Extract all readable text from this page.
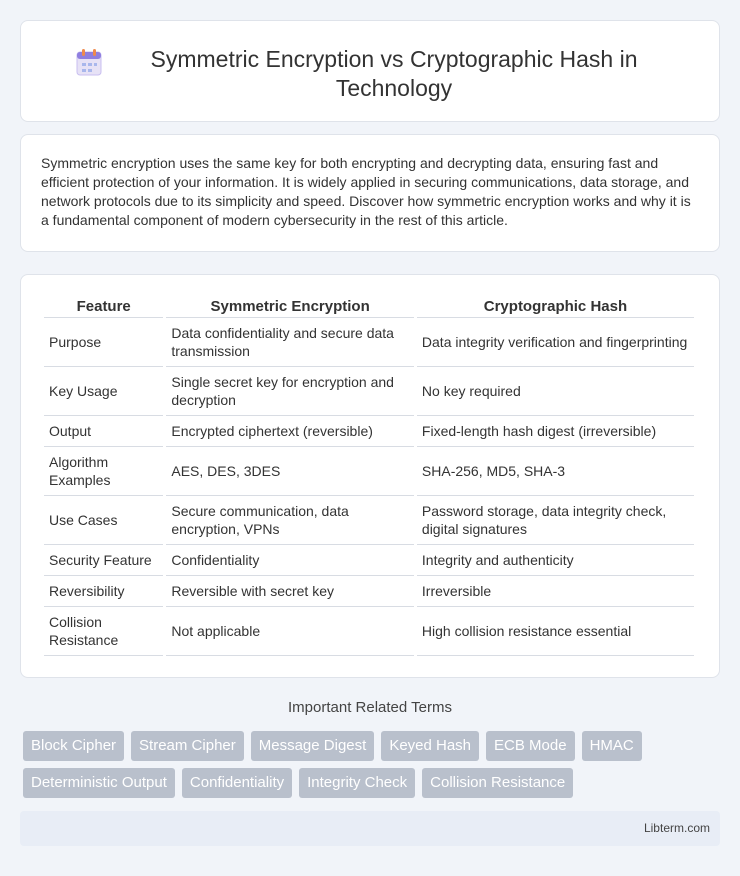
Symmetric Encryption vs Cryptographic Hash in Technology

Symmetric encryption uses the same key for both encrypting and decrypting data, ensuring fast and efficient protection of your information. It is widely applied in securing communications, data storage, and network protocols due to its simplicity and speed. Discover how symmetric encryption works and why it is a fundamental component of modern cybersecurity in the rest of this article.

Feature	Symmetric Encryption	Cryptographic Hash
Purpose	Data confidentiality and secure data transmission	Data integrity verification and fingerprinting
Key Usage	Single secret key for encryption and decryption	No key required
Output	Encrypted ciphertext (reversible)	Fixed-length hash digest (irreversible)
Algorithm Examples	AES, DES, 3DES	SHA-256, MD5, SHA-3
Use Cases	Secure communication, data encryption, VPNs	Password storage, data integrity check, digital signatures
Security Feature	Confidentiality	Integrity and authenticity
Reversibility	Reversible with secret key	Irreversible
Collision Resistance	Not applicable	High collision resistance essential
Important Related Terms
Block Cipher	Stream Cipher	Message Digest	Keyed Hash	ECB Mode	HMAC
Deterministic Output	Confidentiality	Integrity Check	Collision Resistance
Libterm.com
